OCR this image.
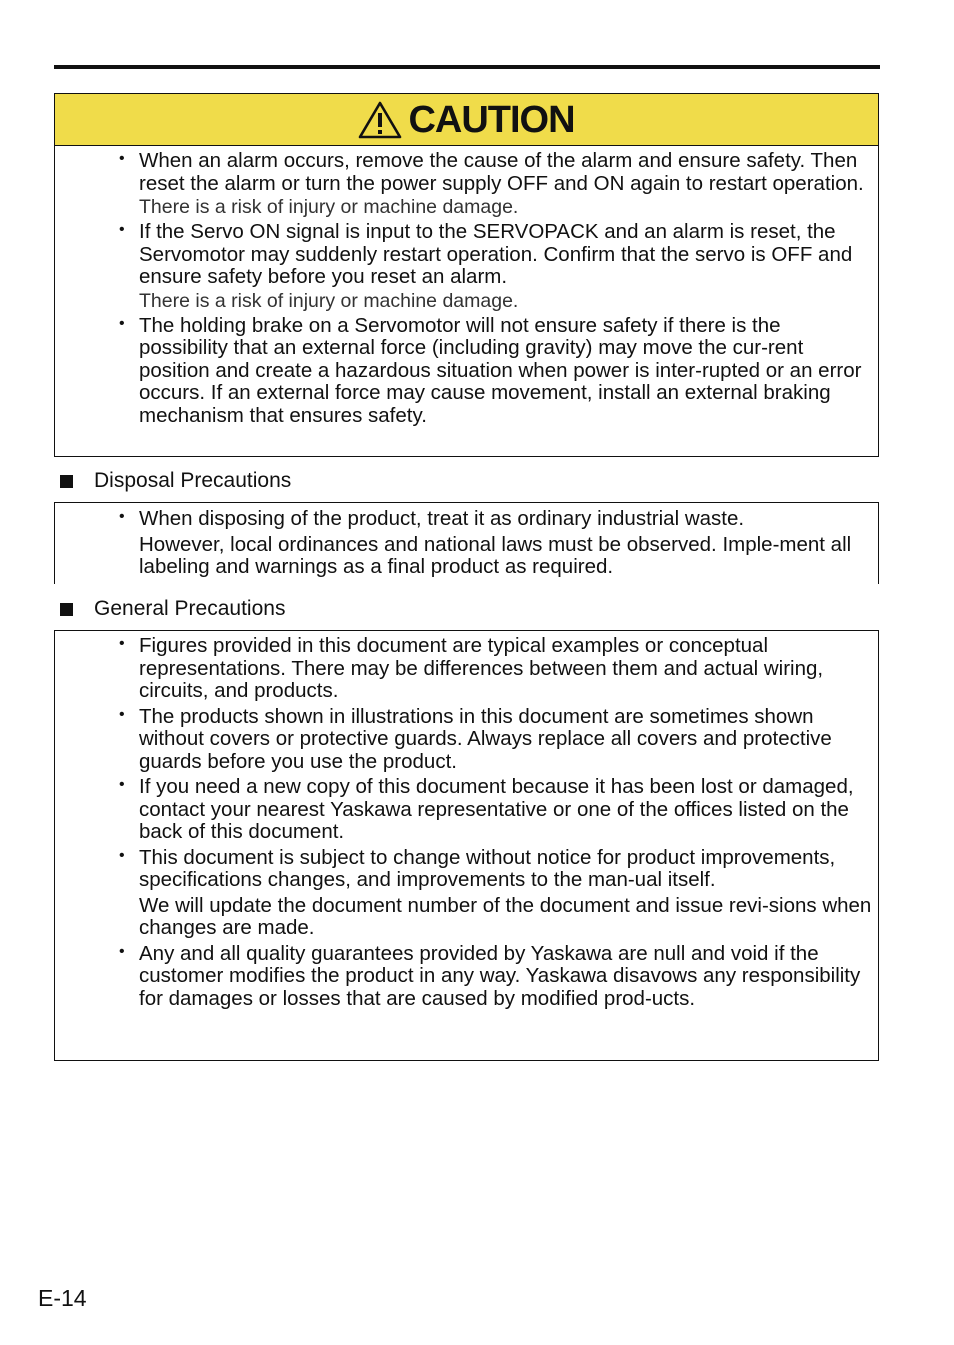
CAUTION
• When an alarm occurs, remove the cause of the alarm and ensure safety. Then reset the alarm or turn the power supply OFF and ON again to restart operation.
There is a risk of injury or machine damage.
• If the Servo ON signal is input to the SERVOPACK and an alarm is reset, the Servomotor may suddenly restart operation. Confirm that the servo is OFF and ensure safety before you reset an alarm.
There is a risk of injury or machine damage.
• The holding brake on a Servomotor will not ensure safety if there is the possibility that an external force (including gravity) may move the cur-rent position and create a hazardous situation when power is inter-rupted or an error occurs. If an external force may cause movement, install an external braking mechanism that ensures safety.
Disposal Precautions
• When disposing of the product, treat it as ordinary industrial waste.
However, local ordinances and national laws must be observed. Imple-ment all labeling and warnings as a final product as required.
General Precautions
• Figures provided in this document are typical examples or conceptual representations. There may be differences between them and actual wiring, circuits, and products.
• The products shown in illustrations in this document are sometimes shown without covers or protective guards. Always replace all covers and protective guards before you use the product.
• If you need a new copy of this document because it has been lost or damaged, contact your nearest Yaskawa representative or one of the offices listed on the back of this document.
• This document is subject to change without notice for product improvements, specifications changes, and improvements to the man-ual itself.
We will update the document number of the document and issue revi-sions when changes are made.
• Any and all quality guarantees provided by Yaskawa are null and void if the customer modifies the product in any way. Yaskawa disavows any responsibility for damages or losses that are caused by modified prod-ucts.
E-14
